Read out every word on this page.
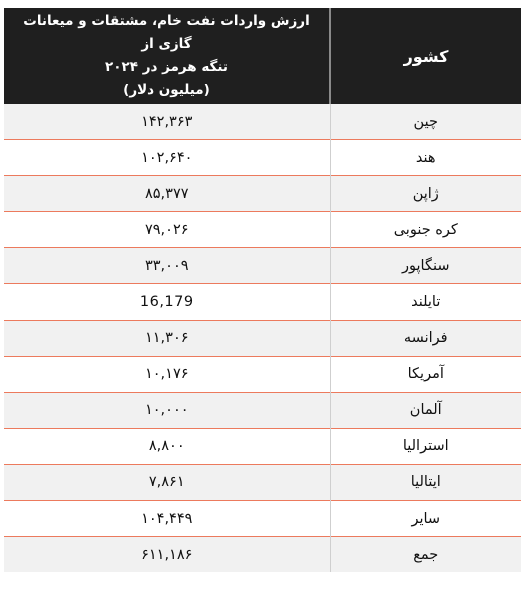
کشور	ارزش واردات نفت خام، مشتقات و میعانات گازی از
تنگه هرمز در ۲۰۲۴
(میلیون دلار)

چین	۱۴۲,۳۶۳
هند	۱۰۲,۶۴۰
ژاپن	۸۵,۳۷۷
کره جنوبی	۷۹,۰۲۶
سنگاپور	۳۳,۰۰۹
تایلند	16,179
فرانسه	۱۱,۳۰۶
آمریکا	۱۰,۱۷۶
آلمان	۱۰,۰۰۰
استرالیا	۸,۸۰۰
ایتالیا	۷,۸۶۱
سایر	۱۰۴,۴۴۹
جمع	۶۱۱,۱۸۶
